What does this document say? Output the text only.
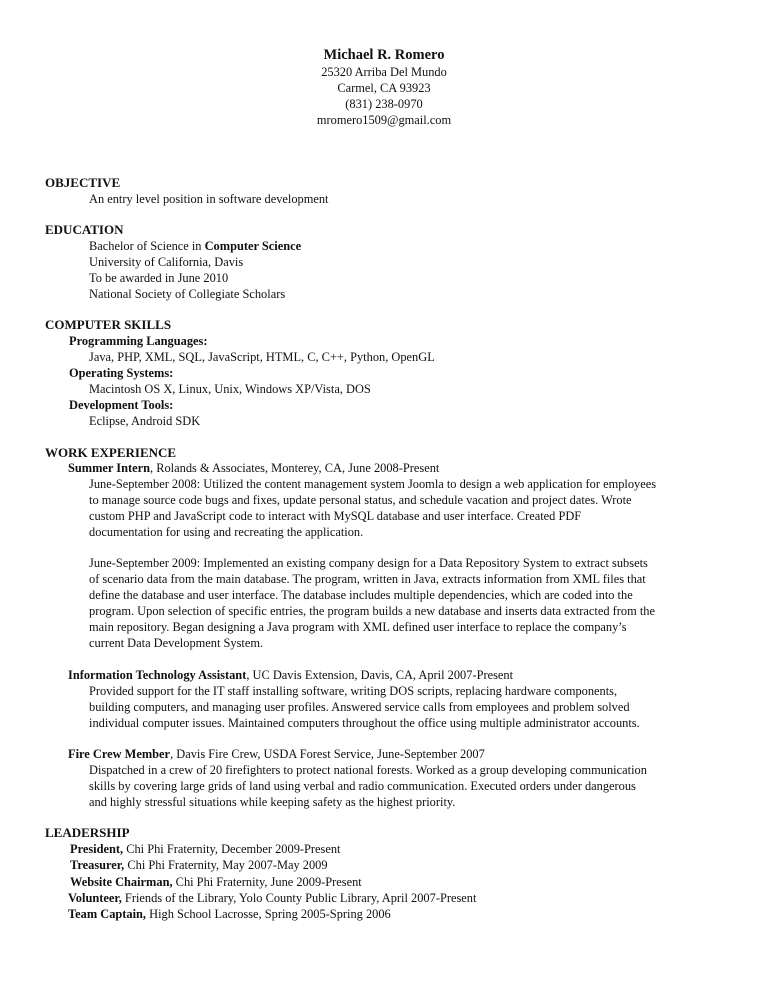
Michael R. Romero
25320 Arriba Del Mundo
Carmel, CA 93923
(831) 238-0970
mromero1509@gmail.com
OBJECTIVE
An entry level position in software development
EDUCATION
Bachelor of Science in Computer Science
University of California, Davis
To be awarded in June 2010
National Society of Collegiate Scholars
COMPUTER SKILLS
Programming Languages:
Java, PHP, XML, SQL, JavaScript, HTML, C, C++, Python, OpenGL
Operating Systems:
Macintosh OS X, Linux, Unix, Windows XP/Vista, DOS
Development Tools:
Eclipse, Android SDK
WORK EXPERIENCE
Summer Intern, Rolands & Associates, Monterey, CA, June 2008-Present
June-September 2008: Utilized the content management system Joomla to design a web application for employees
to manage source code bugs and fixes, update personal status, and schedule vacation and project dates. Wrote
custom PHP and JavaScript code to interact with MySQL database and user interface. Created PDF
documentation for using and recreating the application.
June-September 2009: Implemented an existing company design for a Data Repository System to extract subsets
of scenario data from the main database. The program, written in Java, extracts information from XML files that
define the database and user interface. The database includes multiple dependencies, which are coded into the
program. Upon selection of specific entries, the program builds a new database and inserts data extracted from the
main repository. Began designing a Java program with XML defined user interface to replace the company’s
current Data Development System.
Information Technology Assistant, UC Davis Extension, Davis, CA, April 2007-Present
Provided support for the IT staff installing software, writing DOS scripts, replacing hardware components,
building computers, and managing user profiles. Answered service calls from employees and problem solved
individual computer issues. Maintained computers throughout the office using multiple administrator accounts.
Fire Crew Member, Davis Fire Crew, USDA Forest Service, June-September 2007
Dispatched in a crew of 20 firefighters to protect national forests. Worked as a group developing communication
skills by covering large grids of land using verbal and radio communication. Executed orders under dangerous
and highly stressful situations while keeping safety as the highest priority.
LEADERSHIP
President, Chi Phi Fraternity, December 2009-Present
Treasurer, Chi Phi Fraternity, May 2007-May 2009
Website Chairman, Chi Phi Fraternity, June 2009-Present
Volunteer, Friends of the Library, Yolo County Public Library, April 2007-Present
Team Captain, High School Lacrosse, Spring 2005-Spring 2006
